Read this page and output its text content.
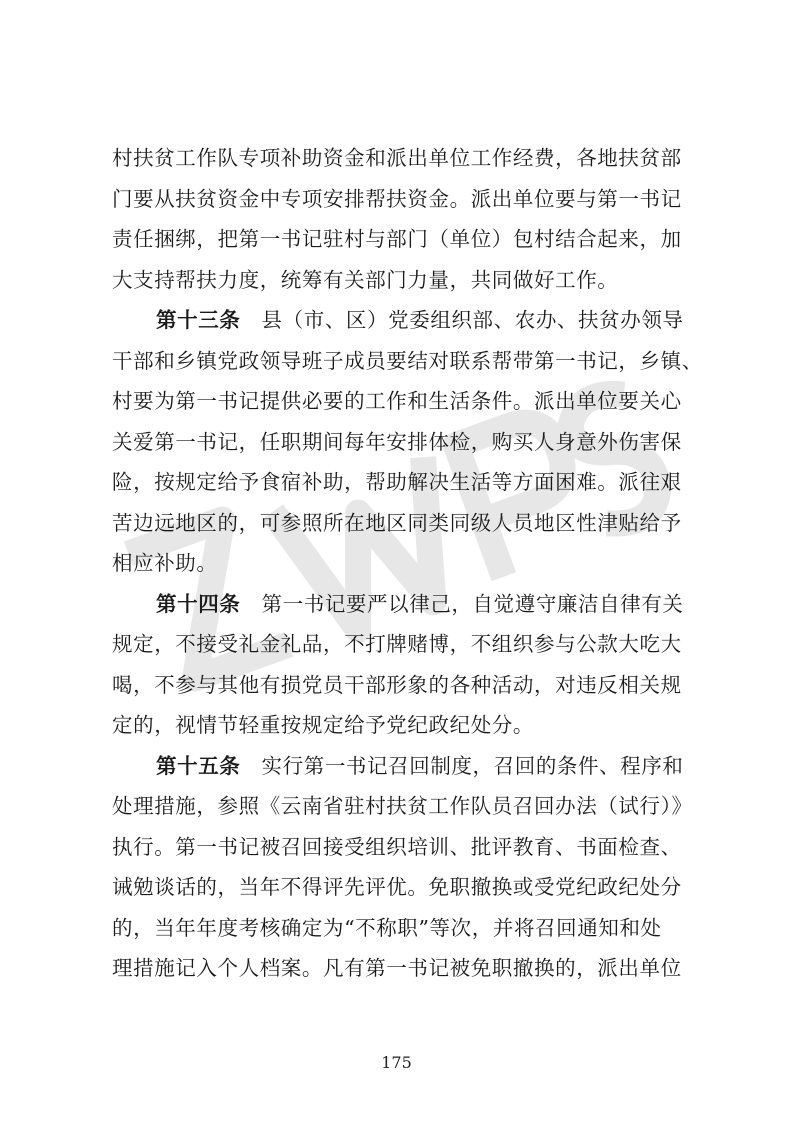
村扶贫工作队专项补助资金和派出单位工作经费，各地扶贫部
门要从扶贫资金中专项安排帮扶资金。派出单位要与第一书记
责任捆绑，把第一书记驻村与部门（单位）包村结合起来，加
大支持帮扶力度，统筹有关部门力量，共同做好工作。
第十三条  县（市、区）党委组织部、农办、扶贫办领导
干部和乡镇党政领导班子成员要结对联系帮带第一书记，乡镇、
村要为第一书记提供必要的工作和生活条件。派出单位要关心
关爱第一书记，任职期间每年安排体检，购买人身意外伤害保
险，按规定给予食宿补助，帮助解决生活等方面困难。派往艰
苦边远地区的，可参照所在地区同类同级人员地区性津贴给予
相应补助。
第十四条  第一书记要严以律己，自觉遵守廉洁自律有关
规定，不接受礼金礼品，不打牌赌博，不组织参与公款大吃大
喝，不参与其他有损党员干部形象的各种活动，对违反相关规
定的，视情节轻重按规定给予党纪政纪处分。
第十五条  实行第一书记召回制度，召回的条件、程序和
处理措施，参照《云南省驻村扶贫工作队员召回办法（试行）》
执行。第一书记被召回接受组织培训、批评教育、书面检查、
诫勉谈话的，当年不得评先评优。免职撤换或受党纪政纪处分
的，当年年度考核确定为“不称职”等次，并将召回通知和处
理措施记入个人档案。凡有第一书记被免职撤换的，派出单位
175
